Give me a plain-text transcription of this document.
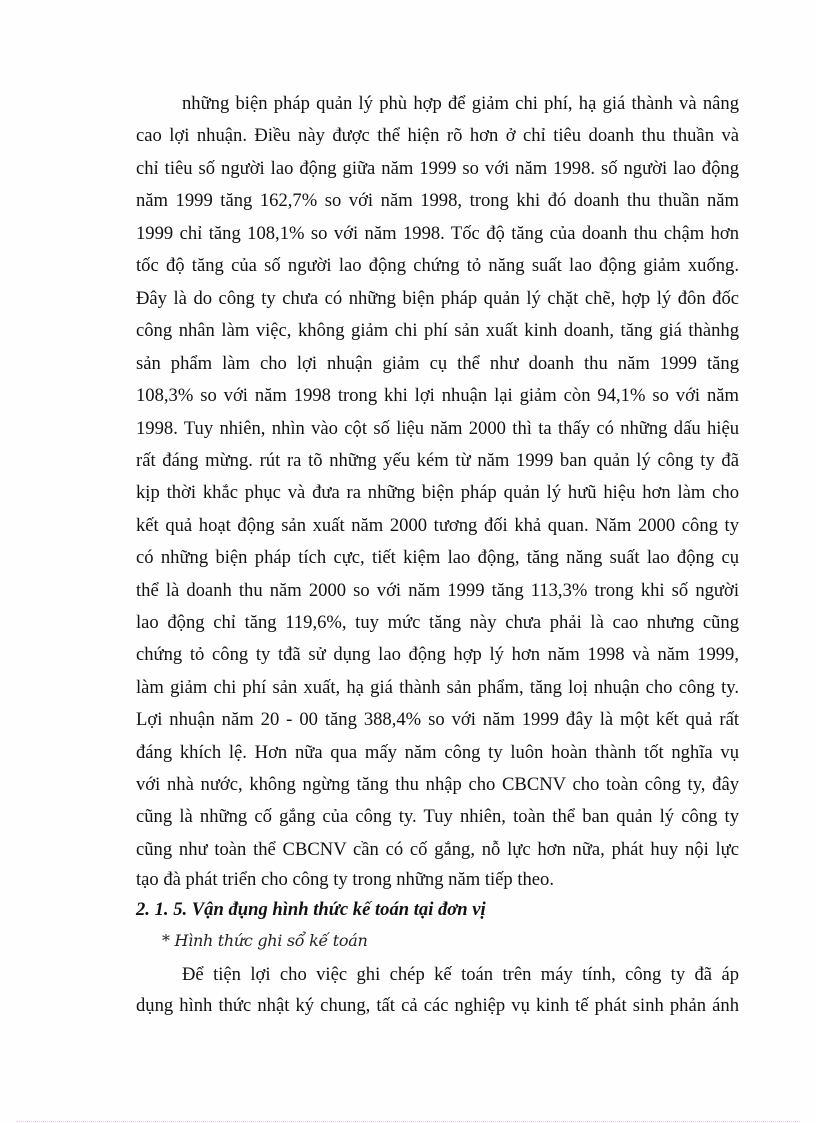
những biện pháp quản lý phù hợp để giảm chi phí, hạ giá thành và nâng
cao lợi nhuận. Điều này được thể hiện rõ hơn ở chỉ tiêu doanh thu thuần và
chỉ tiêu số người lao động giữa năm 1999 so với năm 1998. số người lao động
năm 1999 tăng 162,7% so với năm 1998, trong khi đó doanh thu thuần năm
1999 chỉ tăng 108,1% so với năm 1998. Tốc độ tăng của doanh thu chậm hơn
tốc độ tăng của số người lao động chứng tỏ năng suất lao động giảm xuống.
Đây là do công ty chưa có những biện pháp quản lý chặt chẽ, hợp lý đôn đốc
công nhân làm việc, không giảm chi phí sản xuất kinh doanh, tăng giá thànhg
sản phẩm làm cho lợi nhuận giảm cụ thể như doanh thu năm 1999 tăng
108,3% so với năm 1998 trong khi lợi nhuận lại giảm còn 94,1% so với năm
1998. Tuy nhiên, nhìn vào cột số liệu năm 2000 thì ta thấy có những dấu hiệu
rất đáng mừng. rút ra tõ những yếu kém từ năm 1999 ban quản lý công ty đã
kịp thời khắc phục và đưa ra những biện pháp quản lý hưũ hiệu hơn làm cho
kết quả hoạt động sản xuất năm 2000 tương đối khả quan. Năm 2000 công ty
có những biện pháp tích cực, tiết kiệm lao động, tăng năng suất lao động cụ
thể là doanh thu năm 2000 so với năm 1999 tăng 113,3% trong khi số người
lao động chỉ tăng 119,6%, tuy mức tăng này chưa phải là cao nhưng cũng
chứng tỏ công ty tđã sử dụng lao động hợp lý hơn năm 1998 và năm 1999,
làm giảm chi phí sản xuất, hạ giá thành sản phẩm, tăng loị nhuận cho công ty.
Lợi nhuận năm 20 - 00 tăng 388,4% so với năm 1999 đây là một kết quả rất
đáng khích lệ. Hơn nữa qua mấy năm công ty luôn hoàn thành tốt nghĩa vụ
với nhà nước, không ngừng tăng thu nhập cho CBCNV cho toàn công ty, đây
cũng là những cố gắng của công ty. Tuy nhiên, toàn thể ban quản lý công ty
cũng như toàn thể CBCNV cần có cố gắng, nỗ lực hơn nữa, phát huy nội lực
tạo đà phát triển cho công ty trong những năm tiếp theo.
2. 1. 5. Vận đụng hình thức kế toán tại đơn vị
* Hình thức ghi sổ kế toán
Để tiện lợi cho việc ghi chép kế toán trên máy tính, công ty đã áp
dụng hình thức nhật ký chung, tất cả các nghiệp vụ kinh tế phát sinh phản ánh
